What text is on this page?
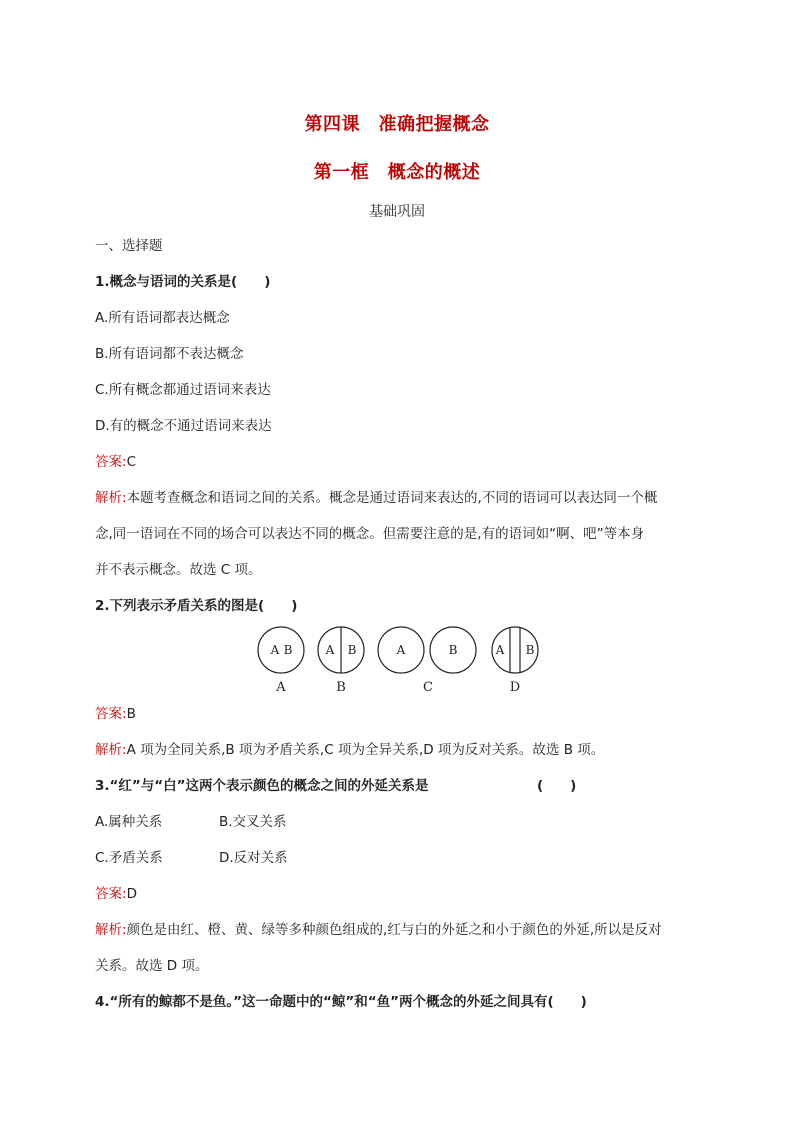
第四课　准确把握概念
第一框　概念的概述
基础巩固
一、选择题
1.概念与语词的关系是(　　)
A.所有语词都表达概念
B.所有语词都不表达概念
C.所有概念都通过语词来表达
D.有的概念不通过语词来表达
答案:C
解析:本题考查概念和语词之间的关系。概念是通过语词来表达的,不同的语词可以表达同一个概
念,同一语词在不同的场合可以表达不同的概念。但需要注意的是,有的语词如“啊、吧”等本身
并不表示概念。故选 C 项。
2.下列表示矛盾关系的图是(　　)
A B	A B	A	B	A B
A	B	C	D
答案:B
解析:A 项为全同关系,B 项为矛盾关系,C 项为全异关系,D 项为反对关系。故选 B 项。
3.“红”与“白”这两个表示颜色的概念之间的外延关系是	(　　)
A.属种关系	B.交叉关系
C.矛盾关系	D.反对关系
答案:D
解析:颜色是由红、橙、黄、绿等多种颜色组成的,红与白的外延之和小于颜色的外延,所以是反对
关系。故选 D 项。
4.“所有的鲸都不是鱼。”这一命题中的“鲸”和“鱼”两个概念的外延之间具有(　　)
